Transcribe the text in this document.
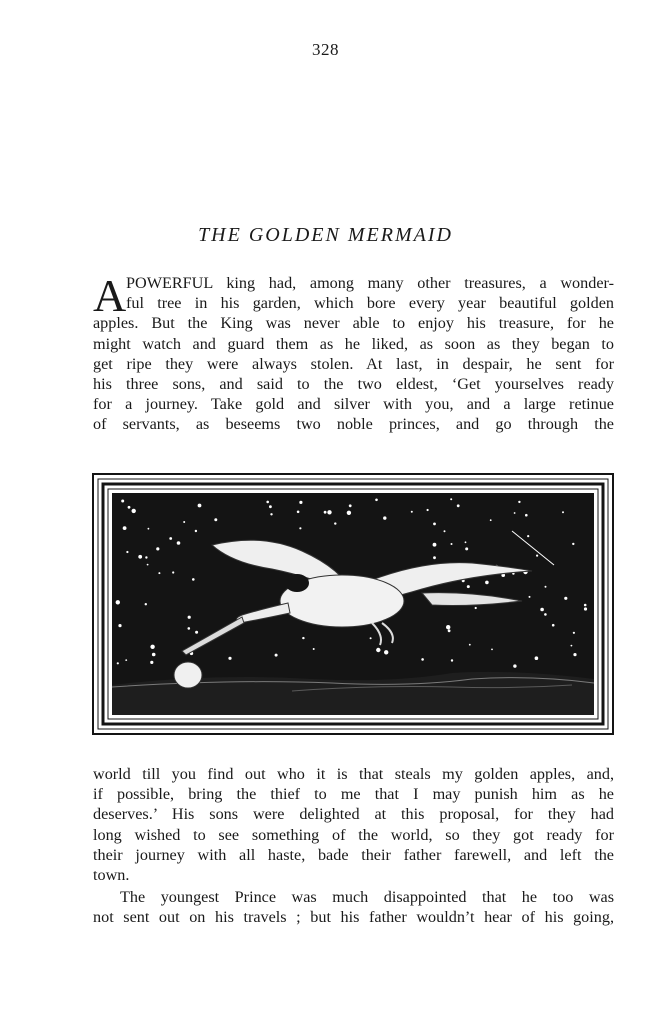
328
THE GOLDEN MERMAID
A POWERFUL king had, among many other treasures, a wonder-
ful tree in his garden, which bore every year beautiful golden
apples. But the King was never able to enjoy his treasure, for he
might watch and guard them as he liked, as soon as they began to
get ripe they were always stolen. At last, in despair, he sent for
his three sons, and said to the two eldest, ‘Get yourselves ready
for a journey. Take gold and silver with you, and a large retinue
of servants, as beseems two noble princes, and go through the
world till you find out who it is that steals my golden apples, and,
if possible, bring the thief to me that I may punish him as he
deserves.’ His sons were delighted at this proposal, for they had
long wished to see something of the world, so they got ready for
their journey with all haste, bade their father farewell, and left the
town.
The youngest Prince was much disappointed that he too was
not sent out on his travels ; but his father wouldn’t hear of his going,
